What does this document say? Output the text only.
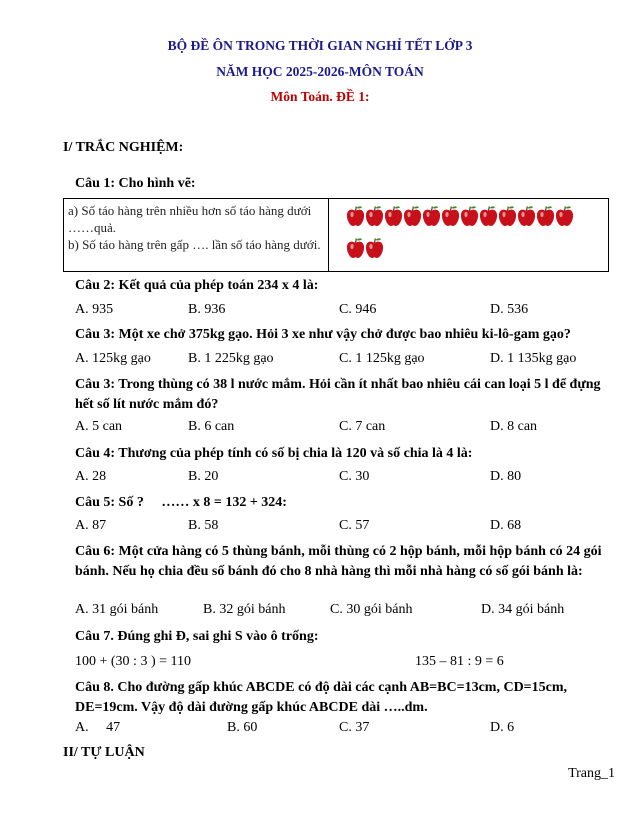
BỘ ĐỀ ÔN TRONG THỜI GIAN NGHỈ TẾT LỚP 3
NĂM HỌC 2025-2026-MÔN TOÁN
Môn Toán. ĐỀ 1:
I/ TRẮC NGHIỆM:
Câu 1: Cho hình vẽ:
a) Số táo hàng trên nhiều hơn số táo hàng dưới ……quả.
b) Số táo hàng trên gấp …. lần số táo hàng dưới.
Câu 2: Kết quả của phép toán 234 x 4 là:
A. 935	B. 936	C. 946	D. 536
Câu 3: Một xe chở 375kg gạo. Hỏi 3 xe như vậy chở được bao nhiêu ki-lô-gam gạo?
A. 125kg gạo	B. 1 225kg gạo	C. 1 125kg gạo	D. 1 135kg gạo
Câu 3: Trong thùng có 38 l nước mắm. Hỏi cần ít nhất bao nhiêu cái can loại 5 l để đựng hết số lít nước mắm đó?
A. 5 can	B. 6 can	C. 7 can	D. 8 can
Câu 4: Thương của phép tính có số bị chia là 120 và số chia là 4 là:
A. 28	B. 20	C. 30	D. 80
Câu 5: Số ?     …… x 8 = 132 + 324:
A. 87	B. 58	C. 57	D. 68
Câu 6: Một cửa hàng có 5 thùng bánh, mỗi thùng có 2 hộp bánh, mỗi hộp bánh có 24 gói bánh. Nếu họ chia đều số bánh đó cho 8 nhà hàng thì mỗi nhà hàng có số gói bánh là:
A. 31 gói bánh	B. 32 gói bánh	C. 30 gói bánh	D. 34 gói bánh
Câu 7. Đúng ghi Đ, sai ghi S vào ô trống:
100 + (30 : 3 ) = 110	135 – 81 : 9 = 6
Câu 8. Cho đường gấp khúc ABCDE có độ dài các cạnh AB=BC=13cm, CD=15cm, DE=19cm. Vậy độ dài đường gấp khúc ABCDE dài …..dm.
A.     47	B. 60	C. 37	D. 6
II/ TỰ LUẬN
Trang_1
